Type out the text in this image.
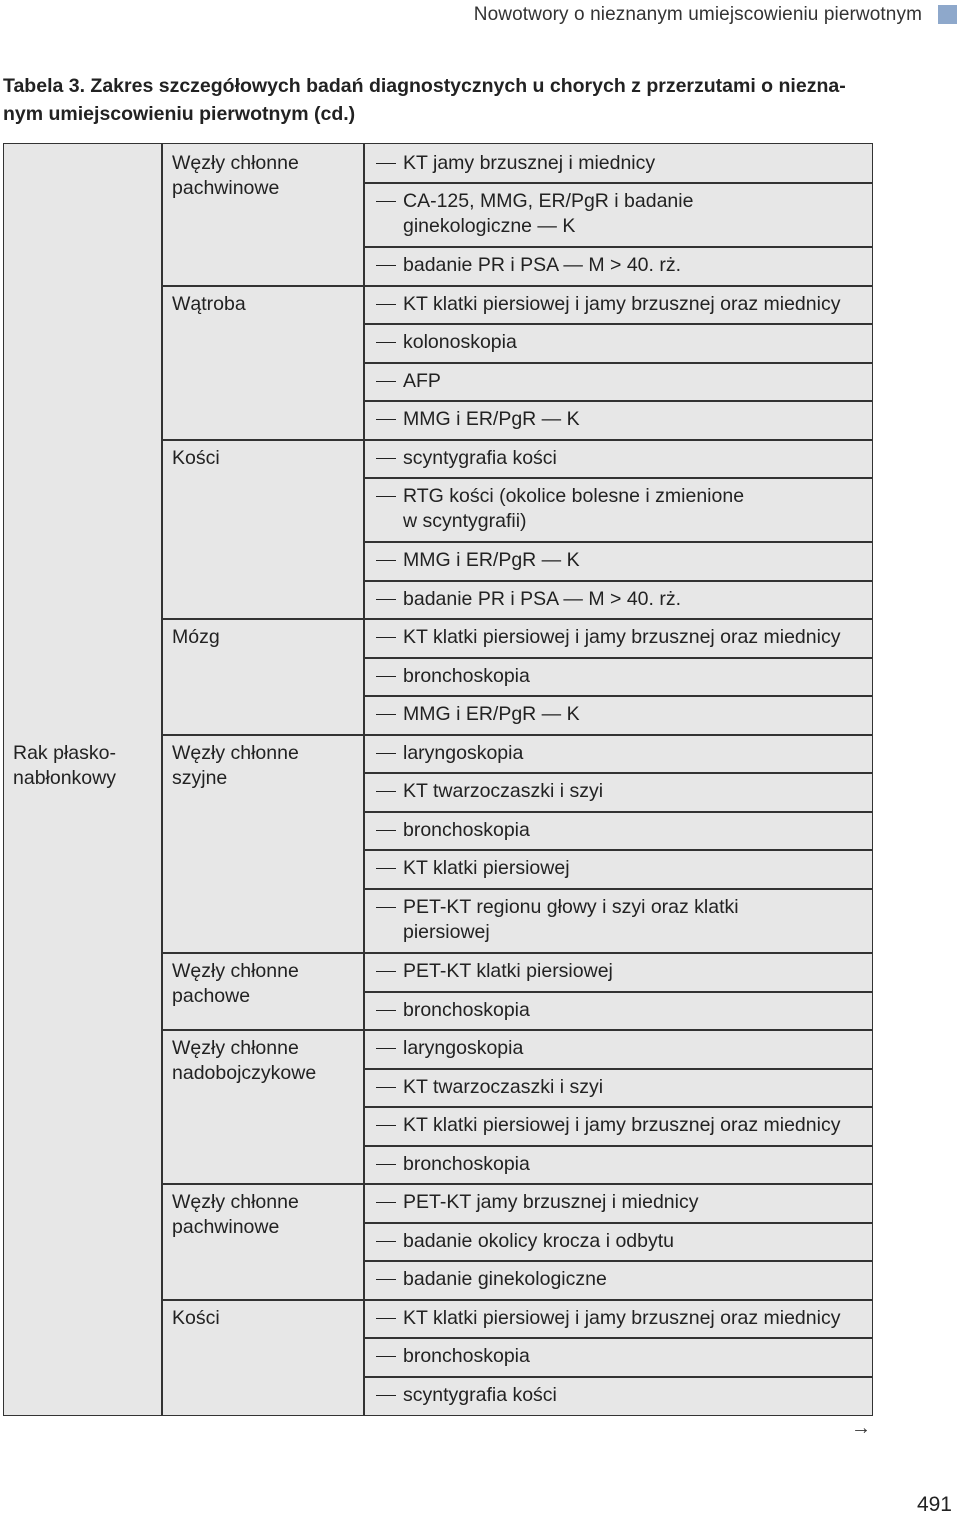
Nowotwory o nieznanym umiejscowieniu pierwotnym
Tabela 3. Zakres szczegółowych badań diagnostycznych u chorych z przerzutami o niezna-
nym umiejscowieniu pierwotnym (cd.)
Rak płasko-
nabłonkowy
Węzły chłonne
pachwinowe
Wątroba
Kości
Mózg
Węzły chłonne
szyjne
Węzły chłonne
pachowe
Węzły chłonne
nadobojczykowe
Węzły chłonne
pachwinowe
Kości
KT jamy brzusznej i miednicy
CA-125, MMG, ER/PgR i badanie
ginekologiczne — K
badanie PR i PSA — M > 40. rż.
KT klatki piersiowej i jamy brzusznej oraz miednicy
kolonoskopia
AFP
MMG i ER/PgR — K
scyntygrafia kości
RTG kości (okolice bolesne i zmienione
w scyntygrafii)
MMG i ER/PgR — K
badanie PR i PSA — M > 40. rż.
KT klatki piersiowej i jamy brzusznej oraz miednicy
bronchoskopia
MMG i ER/PgR — K
laryngoskopia
KT twarzoczaszki i szyi
bronchoskopia
KT klatki piersiowej
PET-KT regionu głowy i szyi oraz klatki
piersiowej
PET-KT klatki piersiowej
bronchoskopia
laryngoskopia
KT twarzoczaszki i szyi
KT klatki piersiowej i jamy brzusznej oraz miednicy
bronchoskopia
PET-KT jamy brzusznej i miednicy
badanie okolicy krocza i odbytu
badanie ginekologiczne
KT klatki piersiowej i jamy brzusznej oraz miednicy
bronchoskopia
scyntygrafia kości
→
491
